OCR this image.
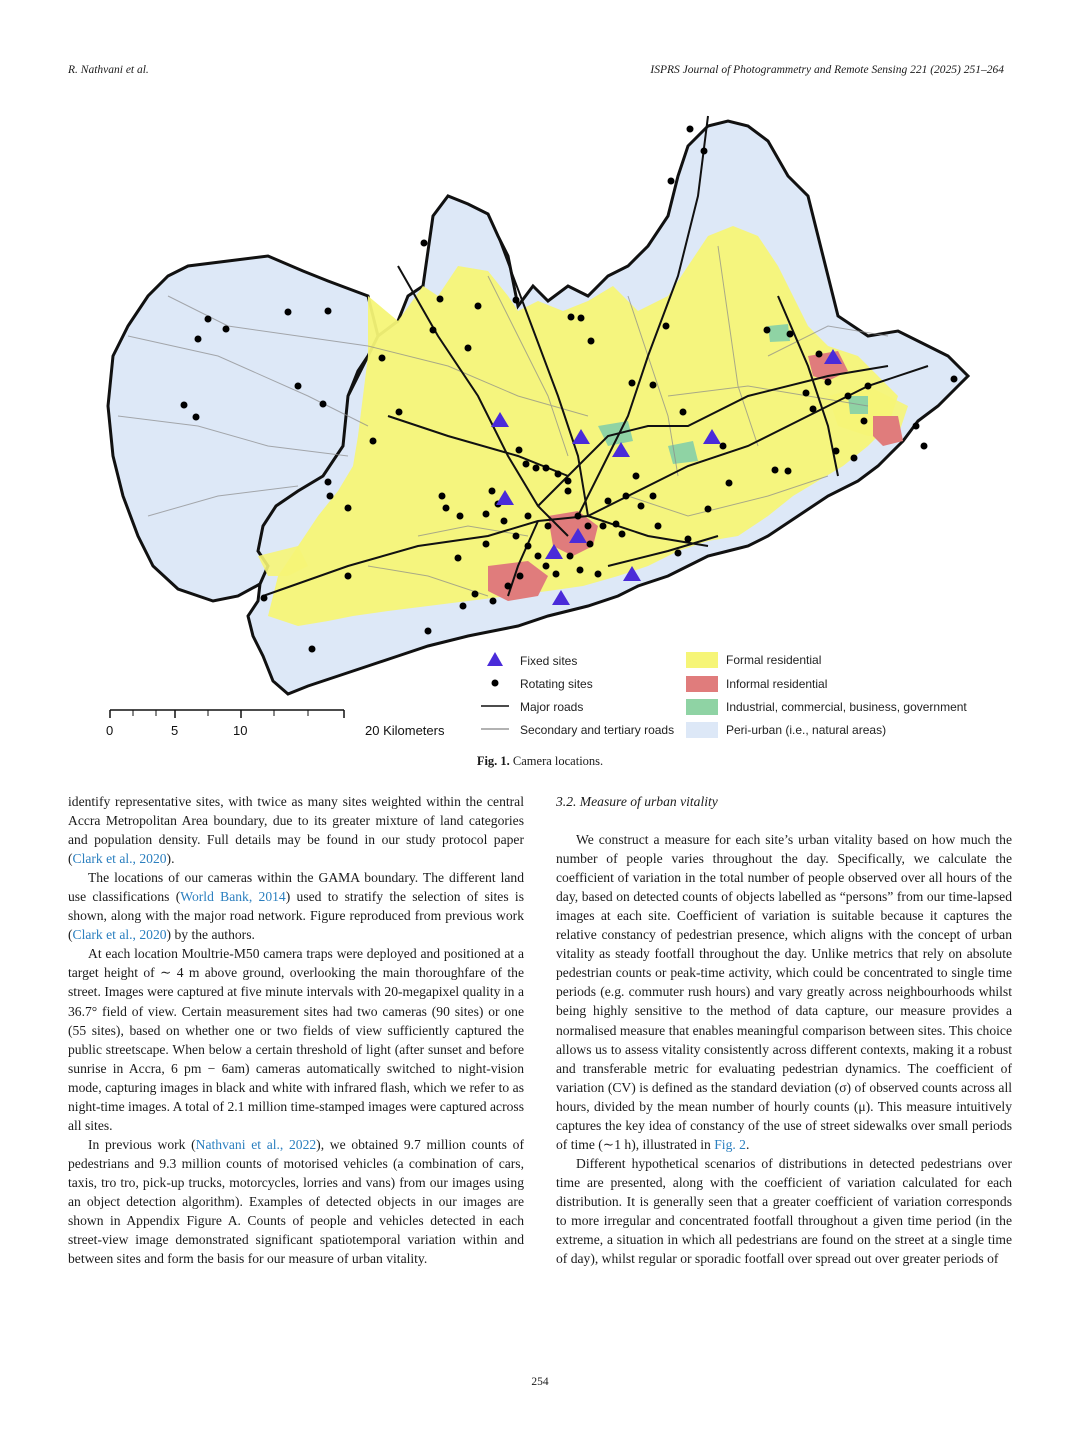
R. Nathvani et al.	ISPRS Journal of Photogrammetry and Remote Sensing 221 (2025) 251–264
Fixed sites
Rotating sites
Major roads
Secondary and tertiary roads
Formal residential
Informal residential
Industrial, commercial, business, government
Peri-urban (i.e., natural areas)
0	5	10	20 Kilometers
Fig. 1. Camera locations.

identify representative sites, with twice as many sites weighted within the central Accra Metropolitan Area boundary, due to its greater mixture of land categories and population density. Full details may be found in our study protocol paper (Clark et al., 2020).

The locations of our cameras within the GAMA boundary. The different land use classifications (World Bank, 2014) used to stratify the selection of sites is shown, along with the major road network. Figure reproduced from previous work (Clark et al., 2020) by the authors.

At each location Moultrie-M50 camera traps were deployed and positioned at a target height of ∼ 4 m above ground, overlooking the main thoroughfare of the street. Images were captured at five minute intervals with 20-megapixel quality in a 36.7° field of view. Certain measurement sites had two cameras (90 sites) or one (55 sites), based on whether one or two fields of view sufficiently captured the public streetscape. When below a certain threshold of light (after sunset and before sunrise in Accra, 6 pm − 6am) cameras automatically switched to night-vision mode, capturing images in black and white with infrared flash, which we refer to as night-time images. A total of 2.1 million time-stamped images were captured across all sites.

In previous work (Nathvani et al., 2022), we obtained 9.7 million counts of pedestrians and 9.3 million counts of motorised vehicles (a combination of cars, taxis, tro tro, pick-up trucks, motorcycles, lorries and vans) from our images using an object detection algorithm). Examples of detected objects in our images are shown in Appendix Figure A. Counts of people and vehicles detected in each street-view image demonstrated significant spatiotemporal variation within and between sites and form the basis for our measure of urban vitality.

3.2. Measure of urban vitality

We construct a measure for each site’s urban vitality based on how much the number of people varies throughout the day. Specifically, we calculate the coefficient of variation in the total number of people observed over all hours of the day, based on detected counts of objects labelled as “persons” from our time-lapsed images at each site. Coefficient of variation is suitable because it captures the relative constancy of pedestrian presence, which aligns with the concept of urban vitality as steady footfall throughout the day. Unlike metrics that rely on absolute pedestrian counts or peak-time activity, which could be concentrated to single time periods (e.g. commuter rush hours) and vary greatly across neighbourhoods whilst being highly sensitive to the method of data capture, our measure provides a normalised measure that enables meaningful comparison between sites. This choice allows us to assess vitality consistently across different contexts, making it a robust and transferable metric for evaluating pedestrian dynamics. The coefficient of variation (CV) is defined as the standard deviation (σ) of observed counts across all hours, divided by the mean number of hourly counts (μ). This measure intuitively captures the key idea of constancy of the use of street sidewalks over small periods of time (∼1 h), illustrated in Fig. 2.

Different hypothetical scenarios of distributions in detected pedestrians over time are presented, along with the coefficient of variation calculated for each distribution. It is generally seen that a greater coefficient of variation corresponds to more irregular and concentrated footfall throughout a given time period (in the extreme, a situation in which all pedestrians are found on the street at a single time of day), whilst regular or sporadic footfall over spread out over greater periods of

254
